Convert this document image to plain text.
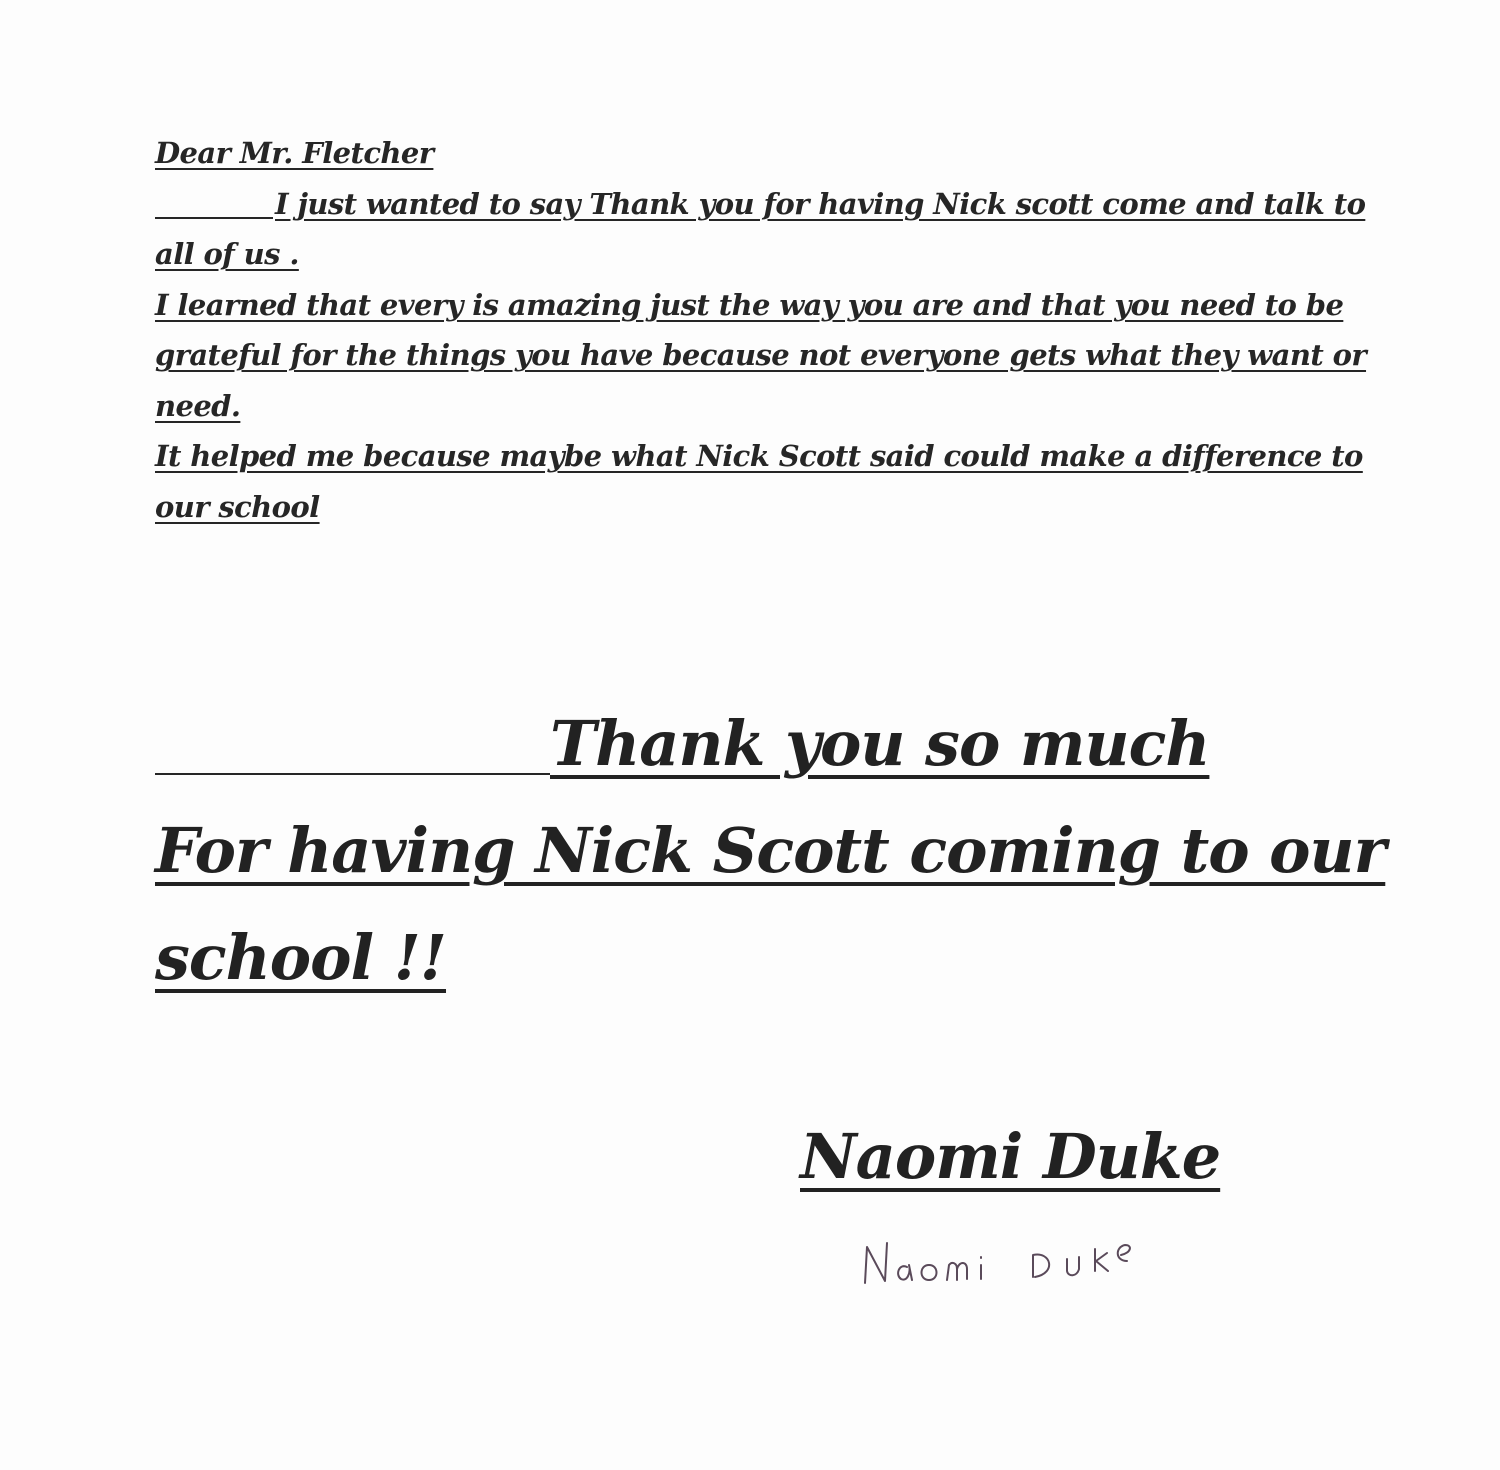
Dear Mr. Fletcher

I just wanted to say Thank you for having Nick scott come and talk to all of us .

I learned that every is amazing just the way you are and that you need to be grateful for the things you have because not everyone gets what they want or need.

It helped me because maybe what Nick Scott said could make a difference to our school

Thank you so much

For having Nick Scott coming to our school !!

Naomi Duke
